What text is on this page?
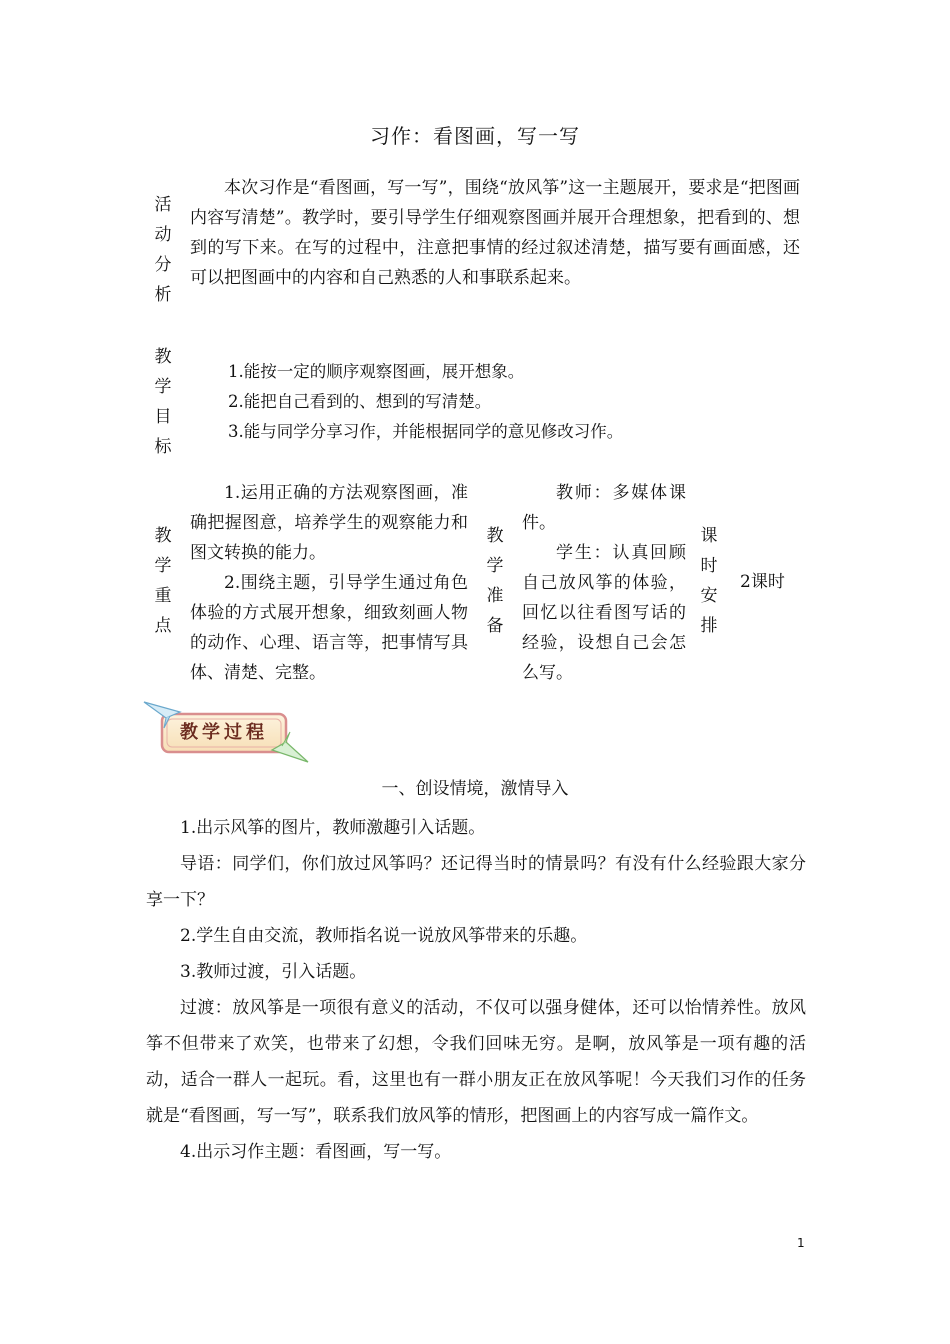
习作：看图画，写一写
活
动
分
析
本次习作是“看图画，写一写”，围绕“放风筝”这一主题展开，要求是“把图画内容写清楚”。教学时，要引导学生仔细观察图画并展开合理想象，把看到的、想到的写下来。在写的过程中，注意把事情的经过叙述清楚，描写要有画面感，还可以把图画中的内容和自己熟悉的人和事联系起来。
教
学
目
标
1.能按一定的顺序观察图画，展开想象。
2.能把自己看到的、想到的写清楚。
3.能与同学分享习作，并能根据同学的意见修改习作。
教
学
重
点
1.运用正确的方法观察图画，准确把握图意，培养学生的观察能力和图文转换的能力。
2.围绕主题，引导学生通过角色体验的方式展开想象，细致刻画人物的动作、心理、语言等，把事情写具体、清楚、完整。
教
学
准
备
教师：多媒体课件。
学生：认真回顾自己放风筝的体验，回忆以往看图写话的经验，设想自己会怎么写。
课
时
安
排
2课时
教学过程
一、创设情境，激情导入
1.出示风筝的图片，教师激趣引入话题。
导语：同学们，你们放过风筝吗？还记得当时的情景吗？有没有什么经验跟大家分享一下？
2.学生自由交流，教师指名说一说放风筝带来的乐趣。
3.教师过渡，引入话题。
过渡：放风筝是一项很有意义的活动，不仅可以强身健体，还可以怡情养性。放风筝不但带来了欢笑，也带来了幻想，令我们回味无穷。是啊，放风筝是一项有趣的活动，适合一群人一起玩。看，这里也有一群小朋友正在放风筝呢！今天我们习作的任务就是“看图画，写一写”，联系我们放风筝的情形，把图画上的内容写成一篇作文。
4.出示习作主题：看图画，写一写。
1
